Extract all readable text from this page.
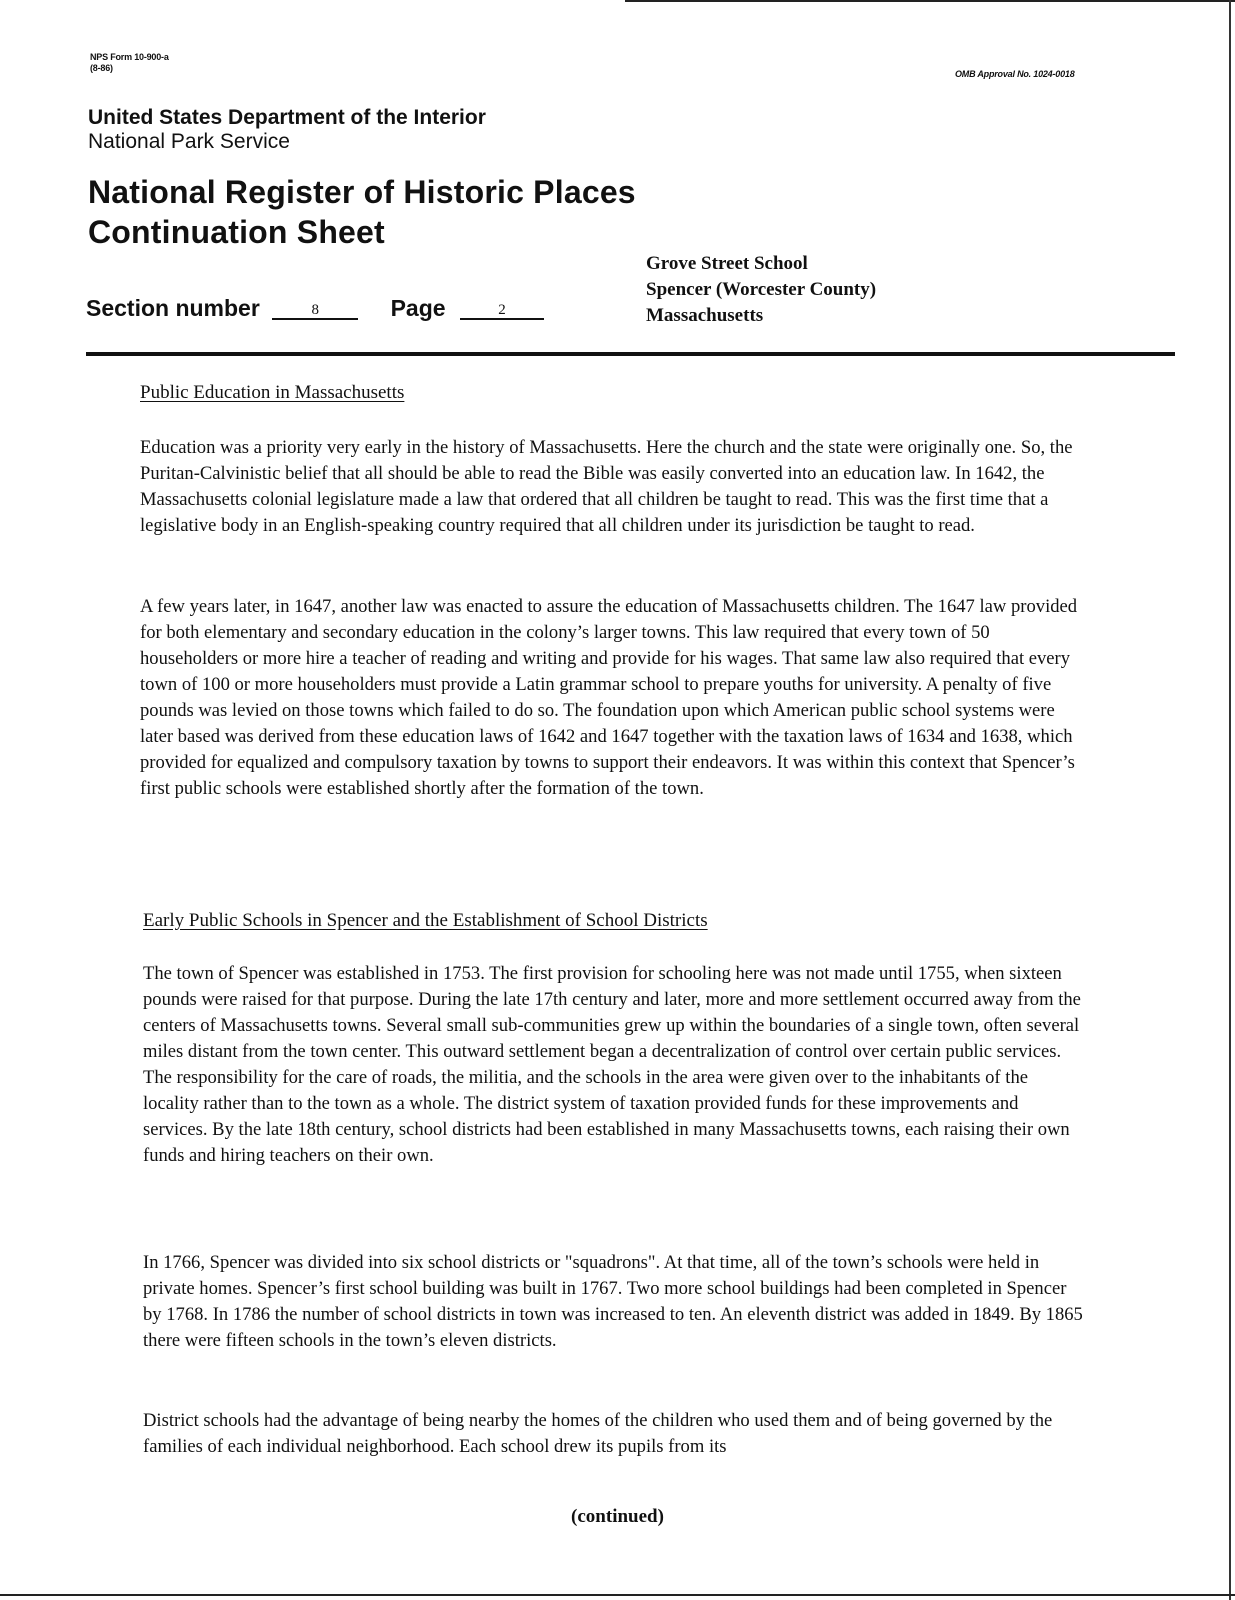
NPS Form 10-900-a
(8-86)
OMB Approval No. 1024-0018
United States Department of the Interior
National Park Service
National Register of Historic Places
Continuation Sheet
Section number	8	Page	2
Grove Street School
Spencer (Worcester County)
Massachusetts
Public Education in Massachusetts

Education was a priority very early in the history of Massachusetts. Here the church and the state were originally one. So, the Puritan-Calvinistic belief that all should be able to read the Bible was easily converted into an education law. In 1642, the Massachusetts colonial legislature made a law that ordered that all children be taught to read. This was the first time that a legislative body in an English-speaking country required that all children under its jurisdiction be taught to read.

A few years later, in 1647, another law was enacted to assure the education of Massachusetts children. The 1647 law provided for both elementary and secondary education in the colony’s larger towns. This law required that every town of 50 householders or more hire a teacher of reading and writing and provide for his wages. That same law also required that every town of 100 or more householders must provide a Latin grammar school to prepare youths for university. A penalty of five pounds was levied on those towns which failed to do so. The foundation upon which American public school systems were later based was derived from these education laws of 1642 and 1647 together with the taxation laws of 1634 and 1638, which provided for equalized and compulsory taxation by towns to support their endeavors. It was within this context that Spencer’s first public schools were established shortly after the formation of the town.

Early Public Schools in Spencer and the Establishment of School Districts

The town of Spencer was established in 1753. The first provision for schooling here was not made until 1755, when sixteen pounds were raised for that purpose. During the late 17th century and later, more and more settlement occurred away from the centers of Massachusetts towns. Several small sub-communities grew up within the boundaries of a single town, often several miles distant from the town center. This outward settlement began a decentralization of control over certain public services. The responsibility for the care of roads, the militia, and the schools in the area were given over to the inhabitants of the locality rather than to the town as a whole. The district system of taxation provided funds for these improvements and services. By the late 18th century, school districts had been established in many Massachusetts towns, each raising their own funds and hiring teachers on their own.

In 1766, Spencer was divided into six school districts or "squadrons". At that time, all of the town’s schools were held in private homes. Spencer’s first school building was built in 1767. Two more school buildings had been completed in Spencer by 1768. In 1786 the number of school districts in town was increased to ten. An eleventh district was added in 1849. By 1865 there were fifteen schools in the town’s eleven districts.

District schools had the advantage of being nearby the homes of the children who used them and of being governed by the families of each individual neighborhood. Each school drew its pupils from its

(continued)
